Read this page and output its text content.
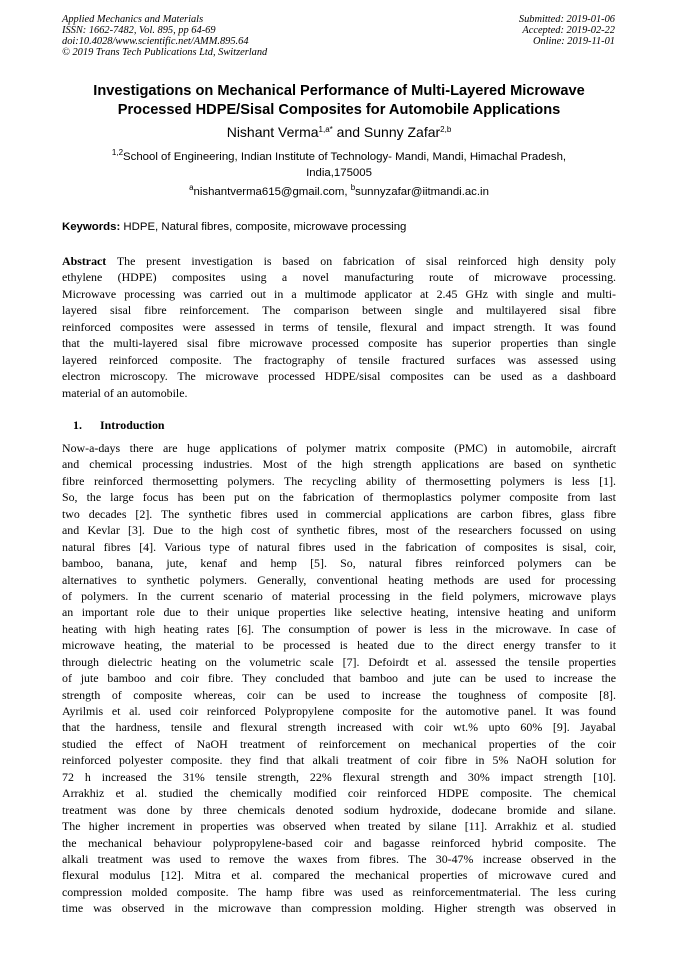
Applied Mechanics and Materials
ISSN: 1662-7482, Vol. 895, pp 64-69
doi:10.4028/www.scientific.net/AMM.895.64
© 2019 Trans Tech Publications Ltd, Switzerland
Submitted: 2019-01-06
Accepted: 2019-02-22
Online: 2019-11-01
Investigations on Mechanical Performance of Multi-Layered Microwave
Processed HDPE/Sisal Composites for Automobile Applications
Nishant Verma$^{1,a*}$ and Sunny Zafar$^{2,b}$
$^{1,2}$School of Engineering, Indian Institute of Technology- Mandi, Mandi, Himachal Pradesh,
India,175005
$^a$nishantverma615@gmail.com, $^b$sunnyzafar@iitmandi.ac.in
Keywords: HDPE, Natural fibres, composite, microwave processing
Abstract The present investigation is based on fabrication of sisal reinforced high density poly
ethylene (HDPE) composites using a novel manufacturing route of microwave processing.
Microwave processing was carried out in a multimode applicator at 2.45 GHz with single and multi-
layered sisal fibre reinforcement. The comparison between single and multilayered sisal fibre
reinforced composites were assessed in terms of tensile, flexural and impact strength. It was found
that the multi-layered sisal fibre microwave processed composite has superior properties than single
layered reinforced composite. The fractography of tensile fractured surfaces was assessed using
electron microscopy. The microwave processed HDPE/sisal composites can be used as a dashboard
material of an automobile.
1. Introduction
Now-a-days there are huge applications of polymer matrix composite (PMC) in automobile, aircraft
and chemical processing industries. Most of the high strength applications are based on synthetic
fibre reinforced thermosetting polymers. The recycling ability of thermosetting polymers is less [1].
So, the large focus has been put on the fabrication of thermoplastics polymer composite from last
two decades [2]. The synthetic fibres used in commercial applications are carbon fibres, glass fibre
and Kevlar [3]. Due to the high cost of synthetic fibres, most of the researchers focussed on using
natural fibres [4]. Various type of natural fibres used in the fabrication of composites is sisal, coir,
bamboo, banana, jute, kenaf and hemp [5]. So, natural fibres reinforced polymers can be
alternatives to synthetic polymers. Generally, conventional heating methods are used for processing
of polymers. In the current scenario of material processing in the field polymers, microwave plays
an important role due to their unique properties like selective heating, intensive heating and uniform
heating with high heating rates [6]. The consumption of power is less in the microwave. In case of
microwave heating, the material to be processed is heated due to the direct energy transfer to it
through dielectric heating on the volumetric scale [7]. Defoirdt et al. assessed the tensile properties
of jute bamboo and coir fibre. They concluded that bamboo and jute can be used to increase the
strength of composite whereas, coir can be used to increase the toughness of composite [8].
Ayrilmis et al. used coir reinforced Polypropylene composite for the automotive panel. It was found
that the hardness, tensile and flexural strength increased with coir wt.% upto 60% [9]. Jayabal
studied the effect of NaOH treatment of reinforcement on mechanical properties of the coir
reinforced polyester composite. they find that alkali treatment of coir fibre in 5% NaOH solution for
72 h increased the 31% tensile strength, 22% flexural strength and 30% impact strength [10].
Arrakhiz et al. studied the chemically modified coir reinforced HDPE composite. The chemical
treatment was done by three chemicals denoted sodium hydroxide, dodecane bromide and silane.
The higher increment in properties was observed when treated by silane [11]. Arrakhiz et al. studied
the mechanical behaviour polypropylene-based coir and bagasse reinforced hybrid composite. The
alkali treatment was used to remove the waxes from fibres. The 30-47% increase observed in the
flexural modulus [12]. Mitra et al. compared the mechanical properties of microwave cured and
compression molded composite. The hamp fibre was used as reinforcementmaterial. The less curing
time was observed in the microwave than compression molding. Higher strength was observed in
